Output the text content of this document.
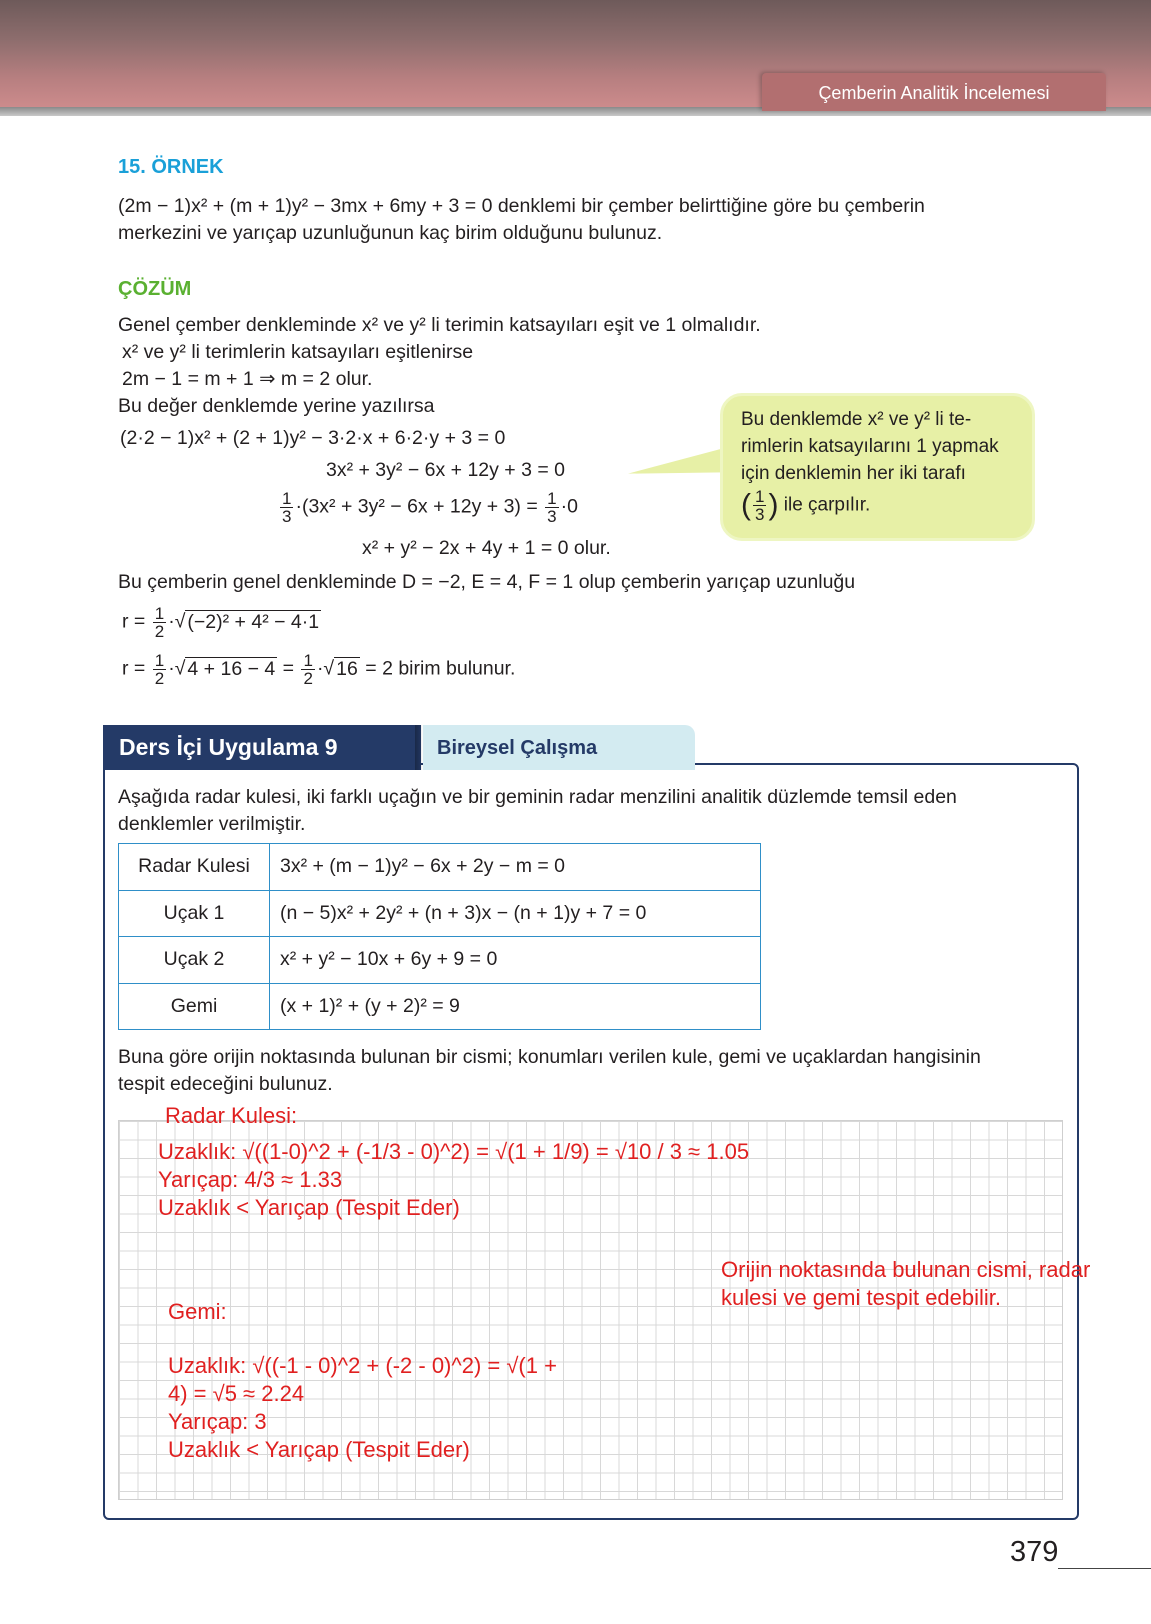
Çemberin Analitik İncelemesi
15. ÖRNEK
(2m − 1)x² + (m + 1)y² − 3mx + 6my + 3 = 0 denklemi bir çember belirttiğine göre bu çemberin
merkezini ve yarıçap uzunluğunun kaç birim olduğunu bulunuz.
ÇÖZÜM
Genel çember denkleminde x² ve y² li terimin katsayıları eşit ve 1 olmalıdır.
x² ve y² li terimlerin katsayıları eşitlenirse
2m − 1 = m + 1 ⇒ m = 2 olur.
Bu değer denklemde yerine yazılırsa
(2·2 − 1)x² + (2 + 1)y² − 3·2·x + 6·2·y + 3 = 0
3x² + 3y² − 6x + 12y + 3 = 0
$\frac{1}{3} \cdot(3x^2 + 3y^2 - 6x + 12y + 3) = \frac{1}{3} \cdot 0$
x² + y² − 2x + 4y + 1 = 0 olur.
Bu çemberin genel denkleminde D = −2, E = 4, F = 1 olup çemberin yarıçap uzunluğu
$r = \frac{1}{2}$ ·√ (−2)² + 4² − 4·1
$r = \frac{1}{2}$ ·√ $4 + 16 - 4 = \frac{1}{2}$ ·√ 16 = 2 birim bulunur.
Bu denklemde x² ve y² li te-
rimlerin katsayılarını 1 yapmak
için denklemin her iki tarafı
( $\frac{1}{3}$ ) ile çarpılır.
Ders İçi Uygulama 9	Bireysel Çalışma
Aşağıda radar kulesi, iki farklı uçağın ve bir geminin radar menzilini analitik düzlemde temsil eden
denklemler verilmiştir.
Radar Kulesi	3x² + (m − 1)y² − 6x + 2y − m = 0
Uçak 1	(n − 5)x² + 2y² + (n + 3)x − (n + 1)y + 7 = 0
Uçak 2	x² + y² − 10x + 6y + 9 = 0
Gemi	(x + 1)² + (y + 2)² = 9
Buna göre orijin noktasında bulunan bir cismi; konumları verilen kule, gemi ve uçaklardan hangisinin
tespit edeceğini bulunuz.
Radar Kulesi:
Uzaklık: √((1-0)^2 + (-1/3 - 0)^2) = √(1 + 1/9) = √10 / 3 ≈ 1.05
Yarıçap: 4/3 ≈ 1.33
Uzaklık < Yarıçap (Tespit Eder)
Orijin noktasında bulunan cismi, radar
kulesi ve gemi tespit edebilir.
Gemi:
Uzaklık: √((-1 - 0)^2 + (-2 - 0)^2) = √(1 +
4) = √5 ≈ 2.24
Yarıçap: 3
Uzaklık < Yarıçap (Tespit Eder)
379
